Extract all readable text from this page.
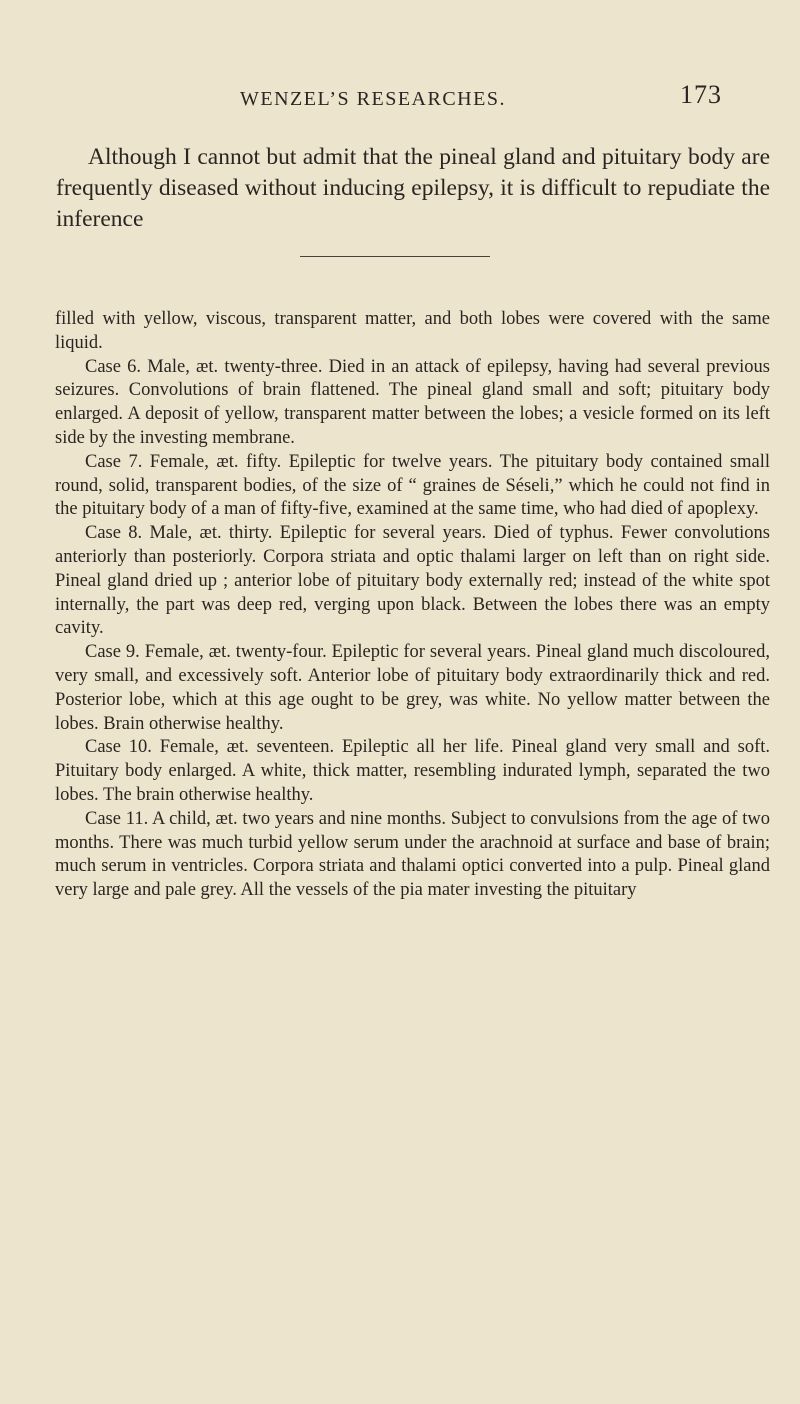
WENZEL’S RESEARCHES.	173

Although I cannot but admit that the pineal gland and pituitary body are frequently diseased without inducing epilepsy, it is difficult to repudiate the inference

filled with yellow, viscous, transparent matter, and both lobes were covered with the same liquid.

Case 6. Male, æt. twenty-three. Died in an attack of epilepsy, having had several previous seizures. Convolutions of brain flattened. The pineal gland small and soft; pituitary body enlarged. A deposit of yellow, transparent matter between the lobes; a vesicle formed on its left side by the investing membrane.

Case 7. Female, æt. fifty. Epileptic for twelve years. The pituitary body contained small round, solid, transparent bodies, of the size of “ graines de Séseli,” which he could not find in the pituitary body of a man of fifty-five, examined at the same time, who had died of apoplexy.

Case 8. Male, æt. thirty. Epileptic for several years. Died of typhus. Fewer convolutions anteriorly than posteriorly. Corpora striata and optic thalami larger on left than on right side. Pineal gland dried up ; anterior lobe of pituitary body externally red; instead of the white spot internally, the part was deep red, verging upon black. Between the lobes there was an empty cavity.

Case 9. Female, æt. twenty-four. Epileptic for several years. Pineal gland much discoloured, very small, and excessively soft. Anterior lobe of pituitary body extraordinarily thick and red. Posterior lobe, which at this age ought to be grey, was white. No yellow matter between the lobes. Brain otherwise healthy.

Case 10. Female, æt. seventeen. Epileptic all her life. Pineal gland very small and soft. Pituitary body enlarged. A white, thick matter, resembling indurated lymph, separated the two lobes. The brain otherwise healthy.

Case 11. A child, æt. two years and nine months. Subject to convulsions from the age of two months. There was much turbid yellow serum under the arachnoid at surface and base of brain; much serum in ventricles. Corpora striata and thalami optici converted into a pulp. Pineal gland very large and pale grey. All the vessels of the pia mater investing the pituitary
